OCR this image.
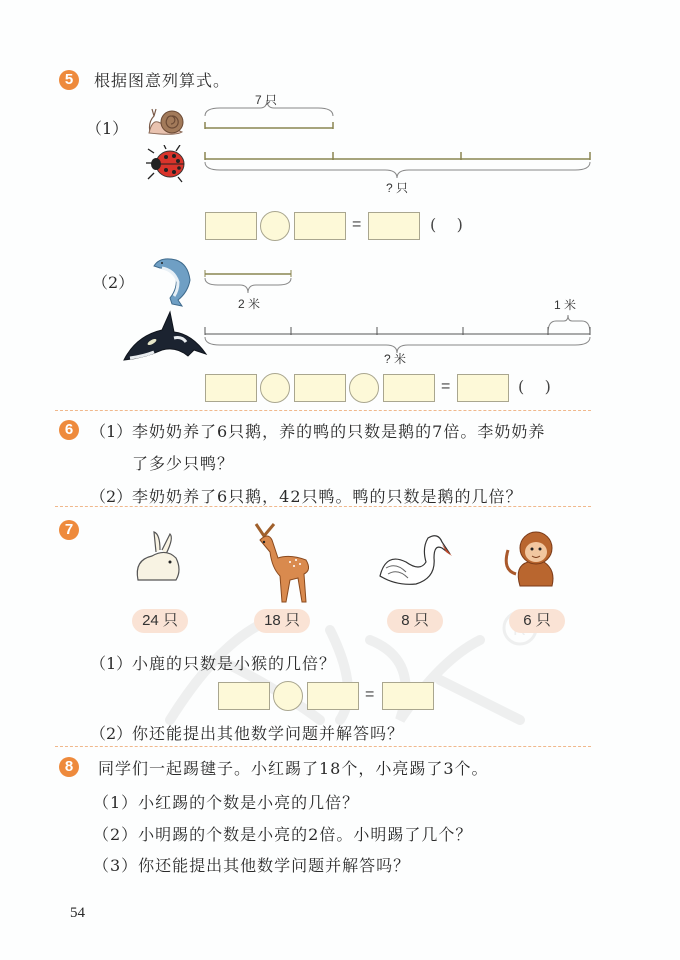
5	根据图意列算式。
（1）
7 只
? 只
=	(    )
（2）
2 米	1 米
? 米
=	(    )
6	（1） 李奶奶养了6只鹅，养的鸭的只数是鹅的7倍。李奶奶养
了多少只鸭？
（2） 李奶奶养了6只鹅，42只鸭。鸭的只数是鹅的几倍？
7
24 只	18 只	8 只	6 只
（1） 小鹿的只数是小猴的几倍？
=
（2） 你还能提出其他数学问题并解答吗？
8	同学们一起踢毽子。小红踢了18个，小亮踢了3个。
（1）小红踢的个数是小亮的几倍？
（2）小明踢的个数是小亮的2倍。小明踢了几个？
（3）你还能提出其他数学问题并解答吗？
54
